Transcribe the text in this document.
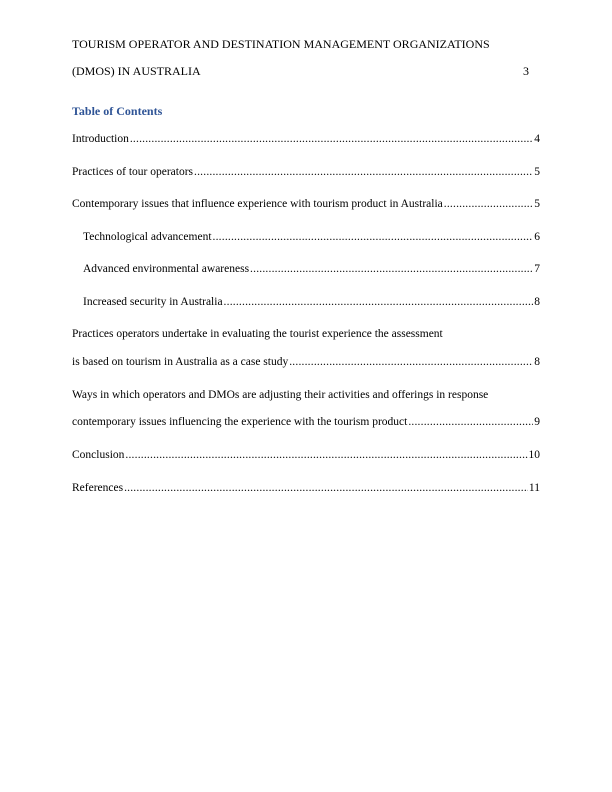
TOURISM OPERATOR AND DESTINATION MANAGEMENT ORGANIZATIONS
(DMOS) IN AUSTRALIA	3
Table of Contents
Introduction .....	4
Practices of tour operators .....	5
Contemporary issues that influence experience with tourism product in Australia .....	5
Technological advancement .....	6
Advanced environmental awareness .....	7
Increased security in Australia .....	8
Practices operators undertake in evaluating the tourist experience the assessment
is based on tourism in Australia as a case study .....	8
Ways in which operators and DMOs are adjusting their activities and offerings in response
contemporary issues influencing the experience with the tourism product .....	9
Conclusion .....	10
References .....	11
